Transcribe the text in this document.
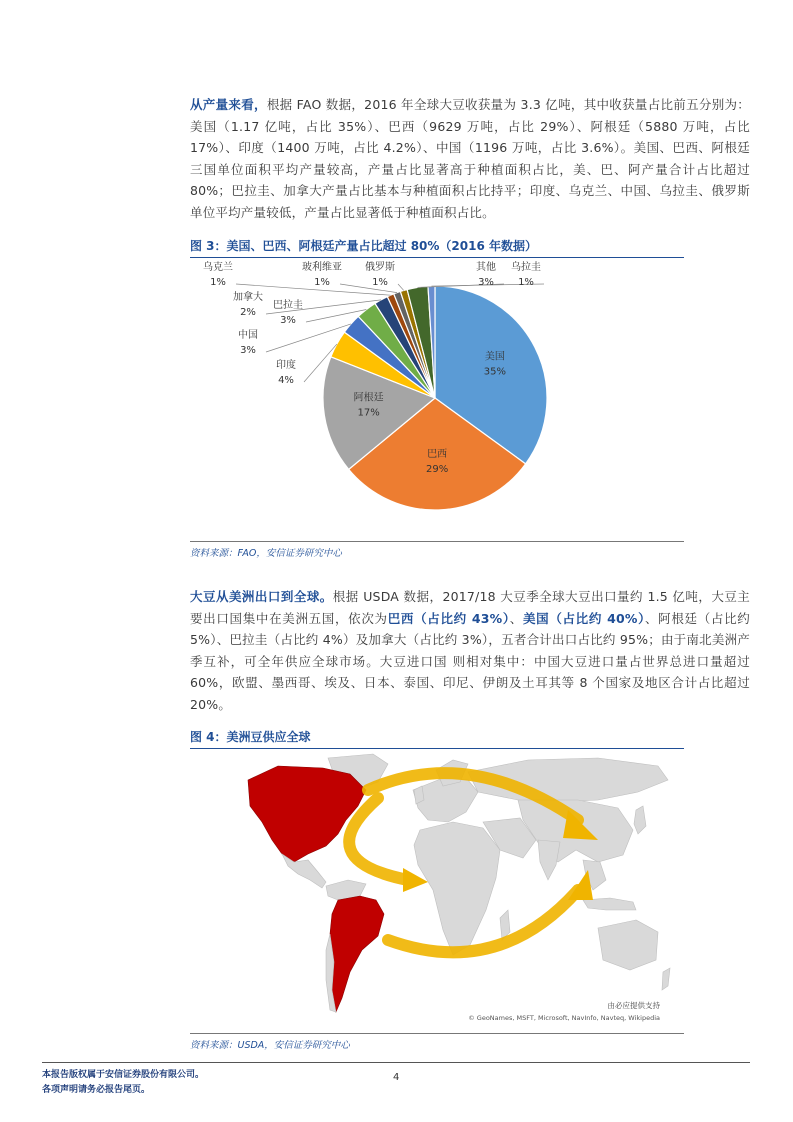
从产量来看，根据 FAO 数据，2016 年全球大豆收获量为 3.3 亿吨，其中收获量占比前五分别为：美国（1.17 亿吨，占比 35%）、巴西（9629 万吨，占比 29%）、阿根廷（5880 万吨，占比 17%）、印度（1400 万吨，占比 4.2%）、中国（1196 万吨，占比 3.6%）。美国、巴西、阿根廷三国单位面积平均产量较高，产量占比显著高于种植面积占比，美、巴、阿产量合计占比超过 80%；巴拉圭、加拿大产量占比基本与种植面积占比持平；印度、乌克兰、中国、乌拉圭、俄罗斯单位平均产量较低，产量占比显著低于种植面积占比。
图 3：美国、巴西、阿根廷产量占比超过 80%（2016 年数据）
美国
35%
巴西
29%
阿根廷
17%
印度
4%
中国
3%
巴拉圭
3%
加拿大
2%
乌克兰
1%
玻利维亚
1%
俄罗斯
1%
其他
3%
乌拉圭
1%
资料来源：FAO，安信证券研究中心
大豆从美洲出口到全球。根据 USDA 数据，2017/18 大豆季全球大豆出口量约 1.5 亿吨，大豆主要出口国集中在美洲五国，依次为巴西（占比约 43%）、美国（占比约 40%）、阿根廷（占比约 5%）、巴拉圭（占比约 4%）及加拿大（占比约 3%），五者合计出口占比约 95%；由于南北美洲产季互补，可全年供应全球市场。大豆进口国 则相对集中：中国大豆进口量占世界总进口量超过 60%，欧盟、墨西哥、埃及、日本、泰国、印尼、伊朗及土耳其等 8 个国家及地区合计占比超过 20%。
图 4：美洲豆供应全球
由必应提供支持
© GeoNames, MSFT, Microsoft, NavInfo, Navteq, Wikipedia
资料来源：USDA，安信证券研究中心
本报告版权属于安信证券股份有限公司。
各项声明请务必报告尾页。
4
